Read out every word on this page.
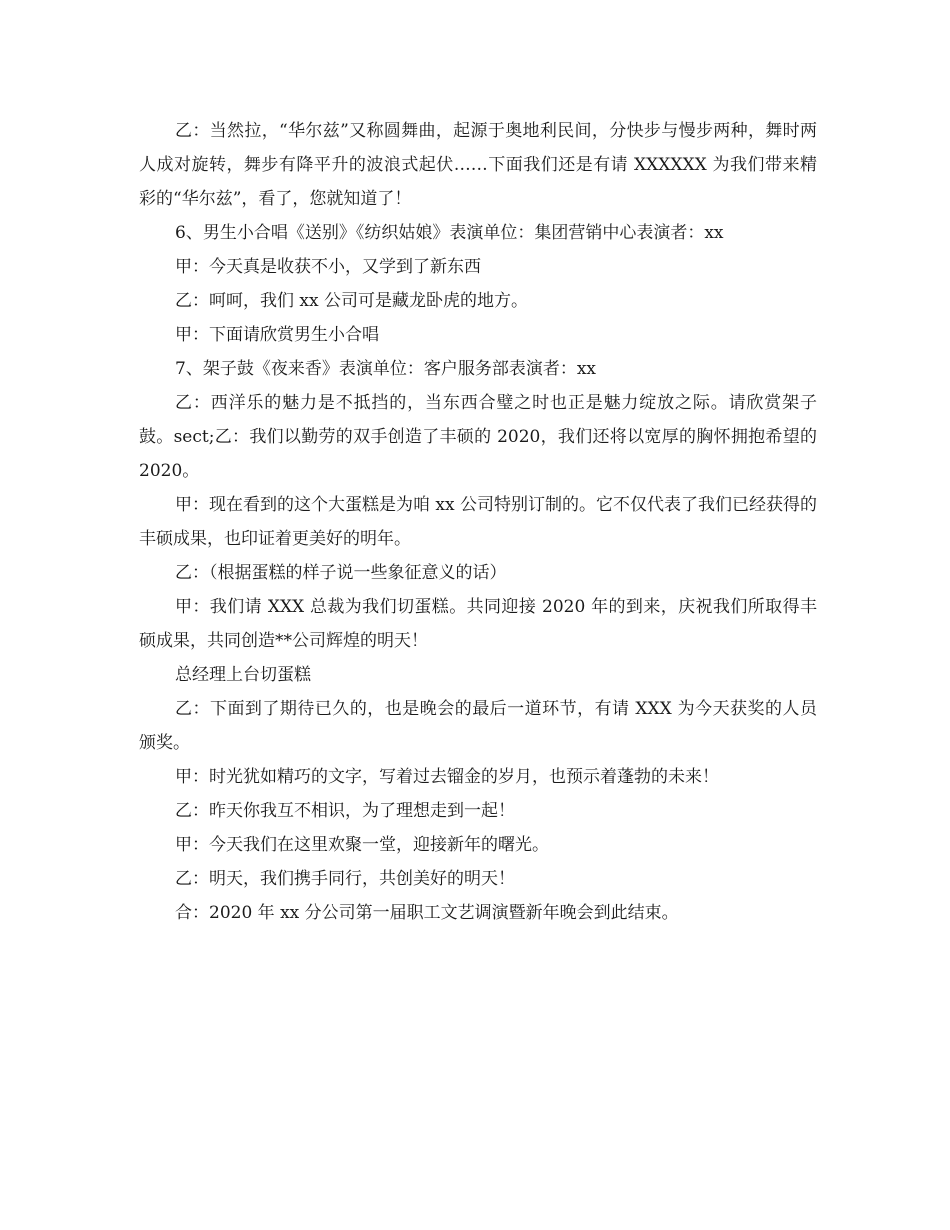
乙：当然拉，“华尔兹”又称圆舞曲，起源于奥地利民间，分快步与慢步两种，舞时两人成对旋转，舞步有降平升的波浪式起伏……下面我们还是有请 XXXXXX 为我们带来精彩的“华尔兹”，看了，您就知道了！

6、男生小合唱《送别》《纺织姑娘》表演单位：集团营销中心表演者：xx

甲：今天真是收获不小，又学到了新东西

乙：呵呵，我们 xx 公司可是藏龙卧虎的地方。

甲：下面请欣赏男生小合唱

7、架子鼓《夜来香》表演单位：客户服务部表演者：xx

乙：西洋乐的魅力是不抵挡的，当东西合璧之时也正是魅力绽放之际。请欣赏架子鼓。sect;乙：我们以勤劳的双手创造了丰硕的 2020，我们还将以宽厚的胸怀拥抱希望的 2020。

甲：现在看到的这个大蛋糕是为咱 xx 公司特别订制的。它不仅代表了我们已经获得的丰硕成果，也印证着更美好的明年。

乙：（根据蛋糕的样子说一些象征意义的话）

甲：我们请 XXX 总裁为我们切蛋糕。共同迎接 2020 年的到来，庆祝我们所取得丰硕成果，共同创造**公司辉煌的明天！

总经理上台切蛋糕

乙：下面到了期待已久的，也是晚会的最后一道环节，有请 XXX 为今天获奖的人员颁奖。

甲：时光犹如精巧的文字，写着过去镏金的岁月，也预示着蓬勃的未来！

乙：昨天你我互不相识，为了理想走到一起！

甲：今天我们在这里欢聚一堂，迎接新年的曙光。

乙：明天，我们携手同行，共创美好的明天！

合：2020 年 xx 分公司第一届职工文艺调演暨新年晚会到此结束。
